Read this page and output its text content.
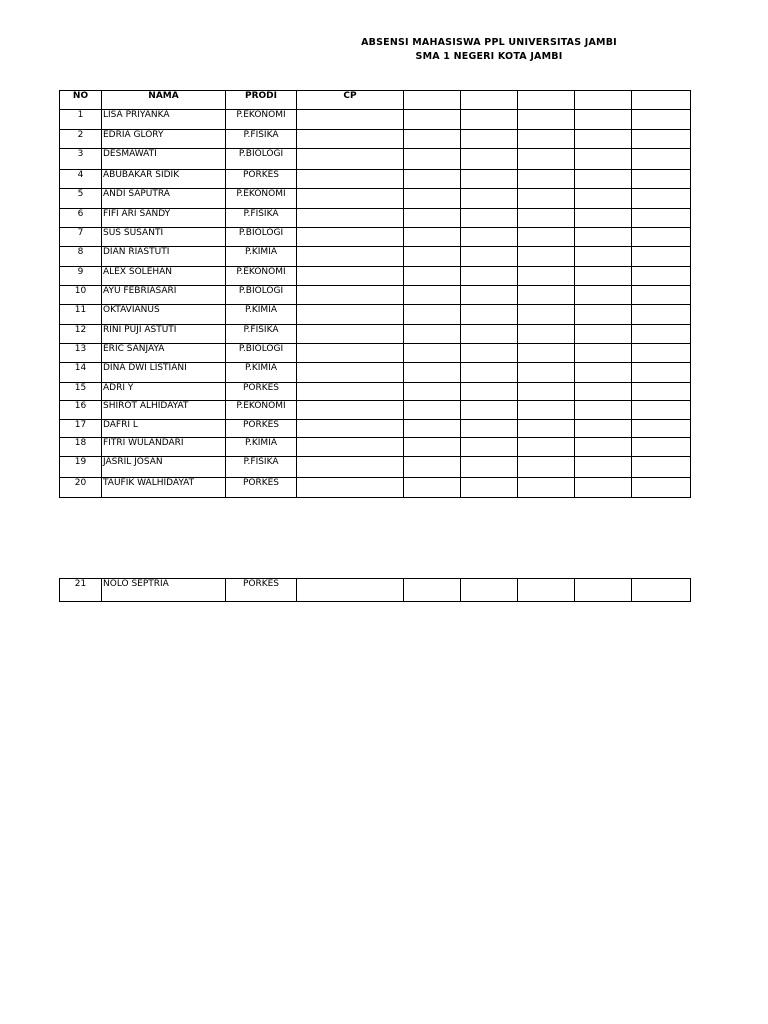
ABSENSI MAHASISWA PPL UNIVERSITAS JAMBI
SMA 1 NEGERI KOTA JAMBI
NO	NAMA	PRODI	CP					
1	LISA PRIYANKA	P.EKONOMI						
2	EDRIA GLORY	P.FISIKA						
3	DESMAWATI	P.BIOLOGI						
4	ABUBAKAR SIDIK	PORKES						
5	ANDI SAPUTRA	P.EKONOMI						
6	FIFI ARI SANDY	P.FISIKA						
7	SUS SUSANTI	P.BIOLOGI						
8	DIAN RIASTUTI	P.KIMIA						
9	ALEX SOLEHAN	P.EKONOMI						
10	AYU FEBRIASARI	P.BIOLOGI						
11	OKTAVIANUS	P.KIMIA						
12	RINI PUJI ASTUTI	P.FISIKA						
13	ERIC SANJAYA	P.BIOLOGI						
14	DINA DWI LISTIANI	P.KIMIA						
15	ADRI Y	PORKES						
16	SHIROT ALHIDAYAT	P.EKONOMI						
17	DAFRI L	PORKES						
18	FITRI WULANDARI	P.KIMIA						
19	JASRIL JOSAN	P.FISIKA						
20	TAUFIK WALHIDAYAT	PORKES						
21	NOLO SEPTRIA	PORKES						
